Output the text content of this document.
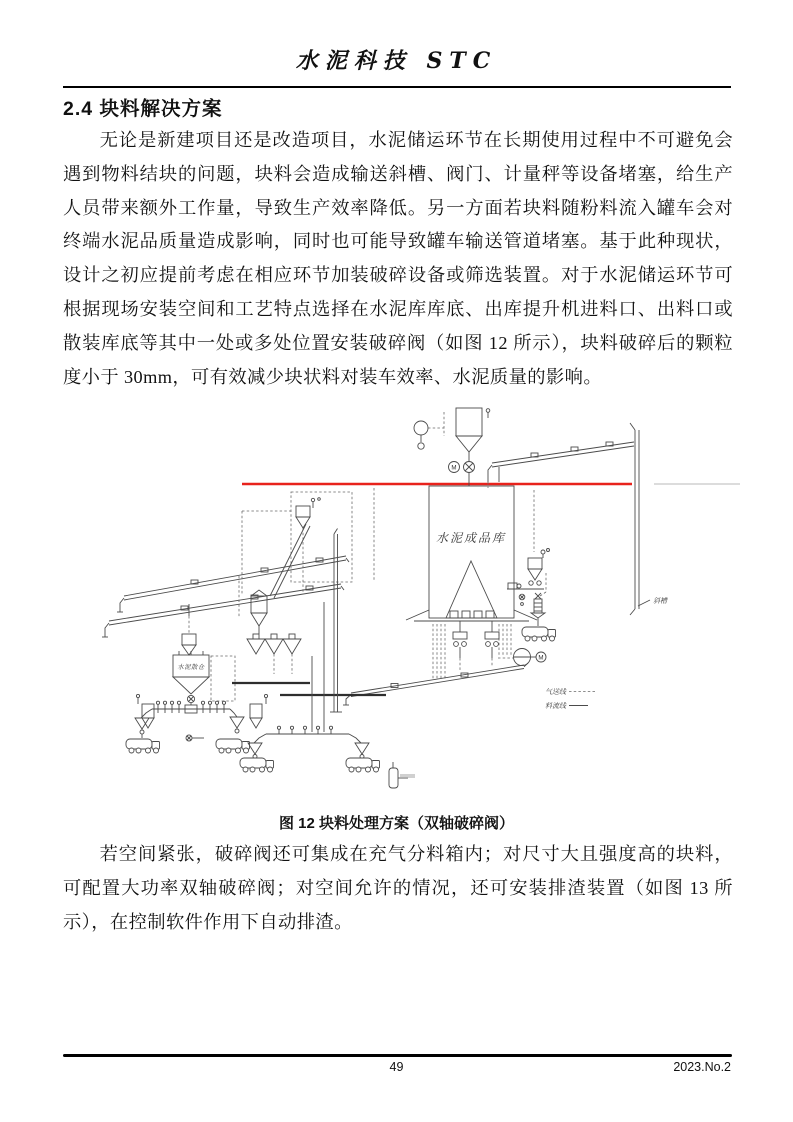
水泥科技 STC
2.4 块料解决方案
无论是新建项目还是改造项目，水泥储运环节在长期使用过程中不可避免会遇到物料结块的问题，块料会造成输送斜槽、阀门、计量秤等设备堵塞，给生产人员带来额外工作量，导致生产效率降低。另一方面若块料随粉料流入罐车会对终端水泥品质量造成影响，同时也可能导致罐车输送管道堵塞。基于此种现状，设计之初应提前考虑在相应环节加装破碎设备或筛选装置。对于水泥储运环节可根据现场安装空间和工艺特点选择在水泥库库底、出库提升机进料口、出料口或散装库底等其中一处或多处位置安装破碎阀（如图 12 所示），块料破碎后的颗粒度小于 30mm，可有效减少块状料对装车效率、水泥质量的影响。
斜槽
M
水泥成品库
M
水泥散仓
气送线
料流线
图 12 块料处理方案（双轴破碎阀）
若空间紧张，破碎阀还可集成在充气分料箱内；对尺寸大且强度高的块料，可配置大功率双轴破碎阀；对空间允许的情况，还可安装排渣装置（如图 13 所示），在控制软件作用下自动排渣。
49	2023.No.2
